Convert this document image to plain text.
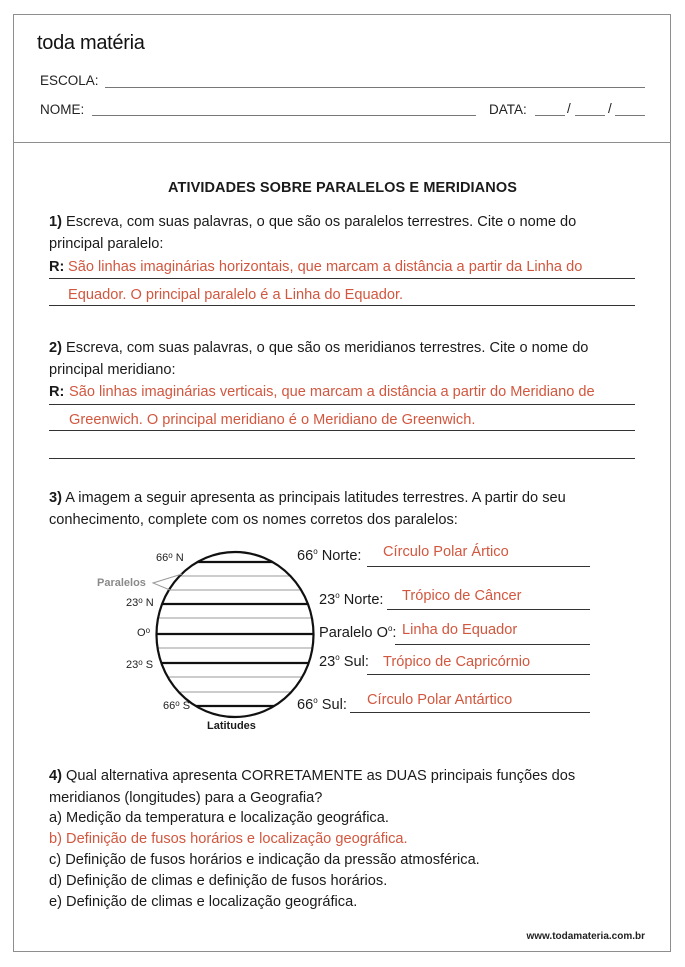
toda matéria
ESCOLA:
NOME:	DATA:	/	/
ATIVIDADES SOBRE PARALELOS E MERIDIANOS
1) Escreva, com suas palavras, o que são os paralelos terrestres. Cite o nome do
principal paralelo:
R: São linhas imaginárias horizontais, que marcam a distância a partir da Linha do
Equador. O principal paralelo é a Linha do Equador.
2) Escreva, com suas palavras, o que são os meridianos terrestres. Cite o nome do
principal meridiano:
R: São linhas imaginárias verticais, que marcam a distância a partir do Meridiano de
Greenwich. O principal meridiano é o Meridiano de Greenwich.
3) A imagem a seguir apresenta as principais latitudes terrestres. A partir do seu
conhecimento, complete com os nomes corretos dos paralelos:
66$^o$ N
Paralelos
23$^o$ N
$O^o$
23$^o$ S
66$^o$ S
Latitudes
66$^o$ Norte: Círculo Polar Ártico
23$^o$ Norte: Trópico de Câncer
Paralelo $O^o$: Linha do Equador
23$^o$ Sul: Trópico de Capricórnio
66$^o$ Sul: Círculo Polar Antártico
4) Qual alternativa apresenta CORRETAMENTE as DUAS principais funções dos
meridianos (longitudes) para a Geografia?
a) Medição da temperatura e localização geográfica.
b) Definição de fusos horários e localização geográfica.
c) Definição de fusos horários e indicação da pressão atmosférica.
d) Definição de climas e definição de fusos horários.
e) Definição de climas e localização geográfica.
www.todamateria.com.br
